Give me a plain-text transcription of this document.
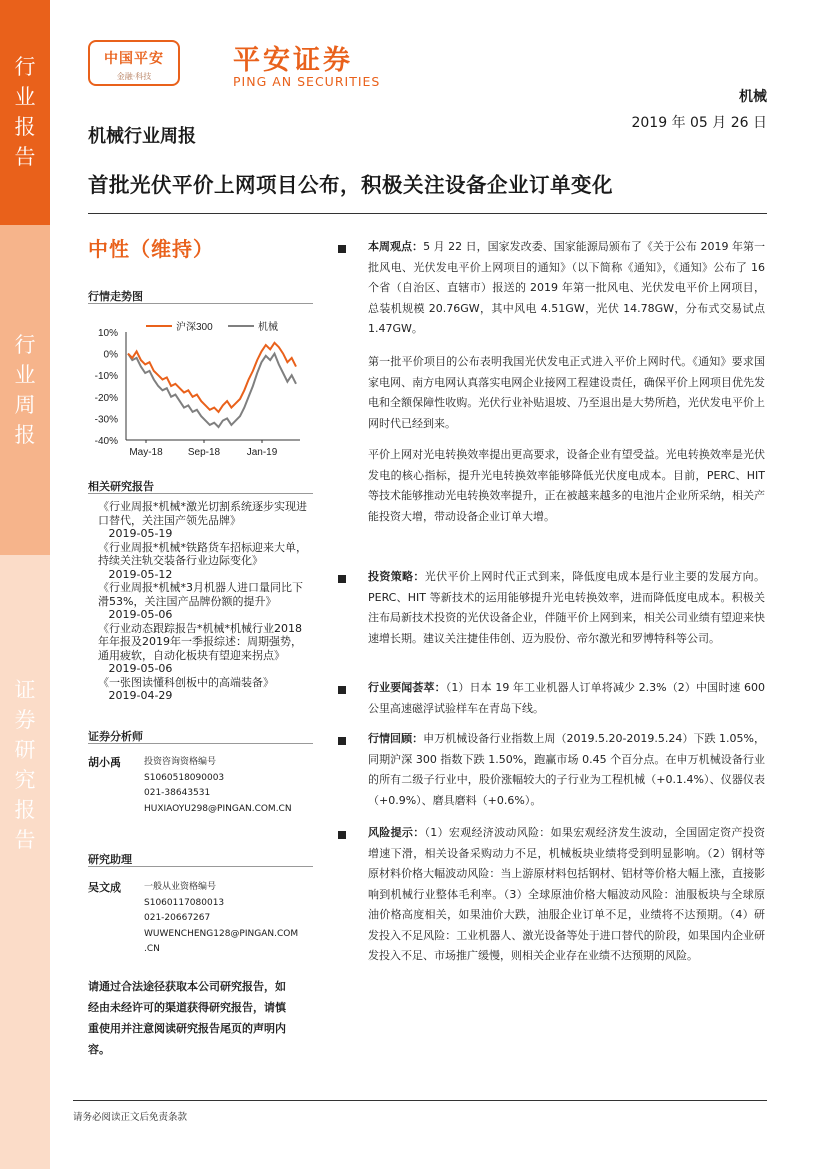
行
业
报
告
行
业
周
报
证
券
研
究
报
告
中国平安
金融·科技
平安证券
PING AN SECURITIES
机械
2019 年 05 月 26 日
机械行业周报
首批光伏平价上网项目公布，积极关注设备企业订单变化
中性（维持）
行情走势图
10%
0%
-10%
-20%
-30%
-40%
May-18	Sep-18	Jan-19
沪深300	机械
相关研究报告
《行业周报*机械*激光切割系统逐步实现进口替代，关注国产领先品牌》
2019-05-19
《行业周报*机械*铁路货车招标迎来大单，持续关注轨交装备行业边际变化》
2019-05-12
《行业周报*机械*3月机器人进口量同比下滑53%，关注国产品牌份额的提升》
2019-05-06
《行业动态跟踪报告*机械*机械行业2018年年报及2019年一季报综述：周期强势，通用疲软，自动化板块有望迎来拐点》
2019-05-06
《一张图读懂科创板中的高端装备》
2019-04-29
证券分析师
胡小禹	投资咨询资格编号
S1060518090003
021-38643531
HUXIAOYU298@PINGAN.COM.CN
研究助理
吴文成	一般从业资格编号
S1060117080013
021-20667267
WUWENCHENG128@PINGAN.COM
.CN
请通过合法途径获取本公司研究报告，如经由未经许可的渠道获得研究报告，请慎重使用并注意阅读研究报告尾页的声明内容。
本周观点：5 月 22 日，国家发改委、国家能源局颁布了《关于公布 2019 年第一批风电、光伏发电平价上网项目的通知》（以下简称《通知》，《通知》公布了 16 个省（自治区、直辖市）报送的 2019 年第一批风电、光伏发电平价上网项目，总装机规模 20.76GW，其中风电 4.51GW，光伏 14.78GW，分布式交易试点 1.47GW。
第一批平价项目的公布表明我国光伏发电正式进入平价上网时代。《通知》要求国家电网、南方电网认真落实电网企业接网工程建设责任，确保平价上网项目优先发电和全额保障性收购。光伏行业补贴退坡、乃至退出是大势所趋，光伏发电平价上网时代已经到来。
平价上网对光电转换效率提出更高要求，设备企业有望受益。光电转换效率是光伏发电的核心指标，提升光电转换效率能够降低光伏度电成本。目前，PERC、HIT 等技术能够推动光电转换效率提升，正在被越来越多的电池片企业所采纳，相关产能投资大增，带动设备企业订单大增。
投资策略：光伏平价上网时代正式到来，降低度电成本是行业主要的发展方向。PERC、HIT 等新技术的运用能够提升光电转换效率，进而降低度电成本。积极关注布局新技术投资的光伏设备企业，伴随平价上网到来，相关公司业绩有望迎来快速增长期。建议关注捷佳伟创、迈为股份、帝尔激光和罗博特科等公司。
行业要闻荟萃：（1）日本 19 年工业机器人订单将减少 2.3%（2）中国时速 600 公里高速磁浮试验样车在青岛下线。
行情回顾：申万机械设备行业指数上周（2019.5.20-2019.5.24）下跌 1.05%，同期沪深 300 指数下跌 1.50%，跑赢市场 0.45 个百分点。在申万机械设备行业的所有二级子行业中，股价涨幅较大的子行业为工程机械（+0.1.4%）、仪器仪表（+0.9%）、磨具磨料（+0.6%）。
风险提示：（1）宏观经济波动风险：如果宏观经济发生波动，全国固定资产投资增速下滑，相关设备采购动力不足，机械板块业绩将受到明显影响。（2）钢材等原材料价格大幅波动风险：当上游原材料包括钢材、铝材等价格大幅上涨，直接影响到机械行业整体毛利率。（3）全球原油价格大幅波动风险：油服板块与全球原油价格高度相关，如果油价大跌，油服企业订单不足，业绩将不达预期。（4）研发投入不足风险：工业机器人、激光设备等处于进口替代的阶段，如果国内企业研发投入不足、市场推广缓慢，则相关企业存在业绩不达预期的风险。
请务必阅读正文后免责条款
